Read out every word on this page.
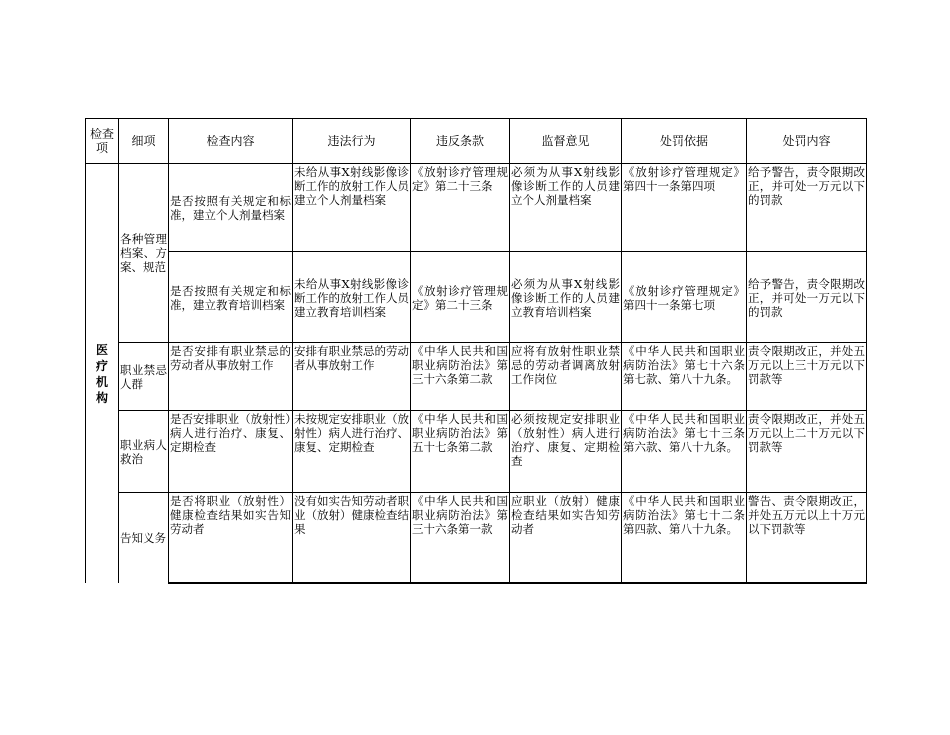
检查项	细项	检查内容	违法行为	违反条款	监督意见	处罚依据	处罚内容
医疗机构	各种管理档案、方案、规范	是否按照有关规定和标准，建立个人剂量档案	未给从事X射线影像诊断工作的放射工作人员建立个人剂量档案	《放射诊疗管理规定》第二十三条	必须为从事X射线影像诊断工作的人员建立个人剂量档案	《放射诊疗管理规定》第四十一条第四项	给予警告，责令限期改正，并可处一万元以下的罚款
		是否按照有关规定和标准，建立教育培训档案	未给从事X射线影像诊断工作的放射工作人员建立教育培训档案	《放射诊疗管理规定》第二十三条	必须为从事X射线影像诊断工作的人员建立教育培训档案	《放射诊疗管理规定》第四十一条第七项	给予警告，责令限期改正，并可处一万元以下的罚款
	职业禁忌人群	是否安排有职业禁忌的劳动者从事放射工作	安排有职业禁忌的劳动者从事放射工作	《中华人民共和国职业病防治法》第三十六条第二款	应将有放射性职业禁忌的劳动者调离放射工作岗位	《中华人民共和国职业病防治法》第七十六条第七款、第八十九条。	责令限期改正，并处五万元以上三十万元以下罚款等
	职业病人救治	是否安排职业（放射性）病人进行治疗、康复、定期检查	未按规定安排职业（放射性）病人进行治疗、康复、定期检查	《中华人民共和国职业病防治法》第五十七条第二款	必须按规定安排职业（放射性）病人进行治疗、康复、定期检查	《中华人民共和国职业病防治法》第七十三条第六款、第八十九条。	责令限期改正，并处五万元以上二十万元以下罚款等
	告知义务	是否将职业（放射性）健康检查结果如实告知劳动者	没有如实告知劳动者职业（放射）健康检查结果	《中华人民共和国职业病防治法》第三十六条第一款	应职业（放射）健康检查结果如实告知劳动者	《中华人民共和国职业病防治法》第七十二条第四款、第八十九条。	警告、责令限期改正，并处五万元以上十万元以下罚款等
